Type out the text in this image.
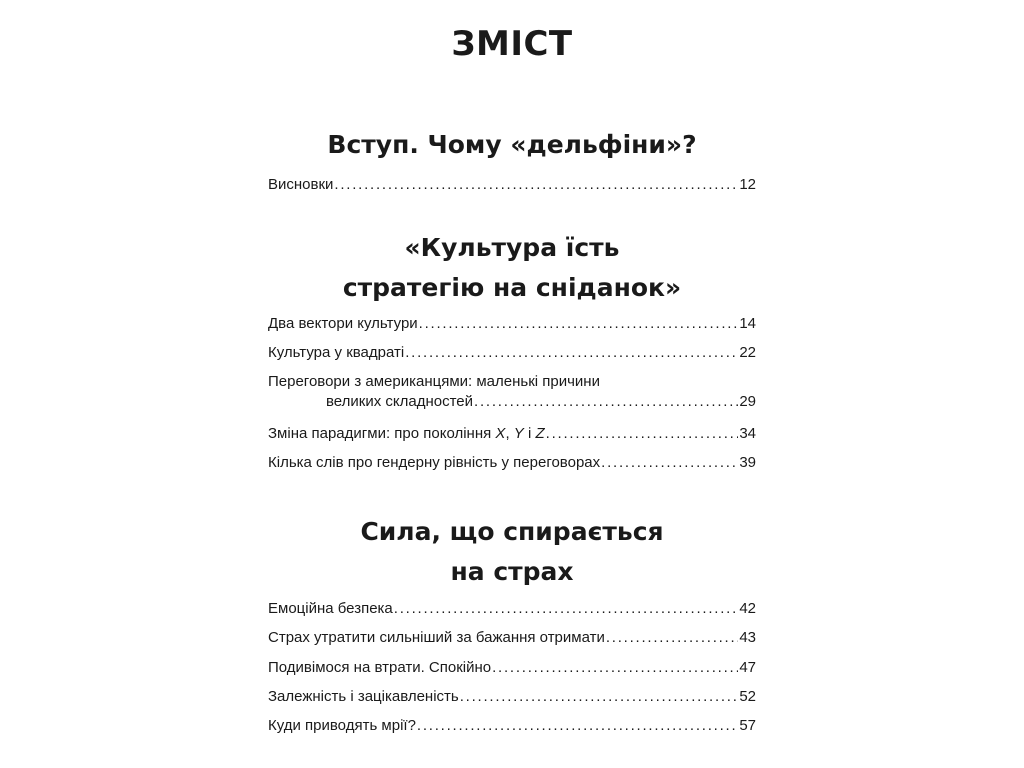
ЗМІСТ
Вступ. Чому «дельфіни»?
Висновки . . .	12
«Культура їсть
стратегію на сніданок»
Два вектори культури . . .	14
Культура у квадраті . . .	22
Переговори з американцями: маленькі причини
великих складностей . . .	29
Зміна парадигми: про покоління X, Y і Z . . .	34
Кілька слів про гендерну рівність у переговорах . . .	39
Сила, що спирається
на страх
Емоційна безпека . . .	42
Страх утратити сильніший за бажання отримати . . .	43
Подивімося на втрати. Спокійно . . .	47
Залежність і зацікавленість . . .	52
Куди приводять мрії? . . .	57
